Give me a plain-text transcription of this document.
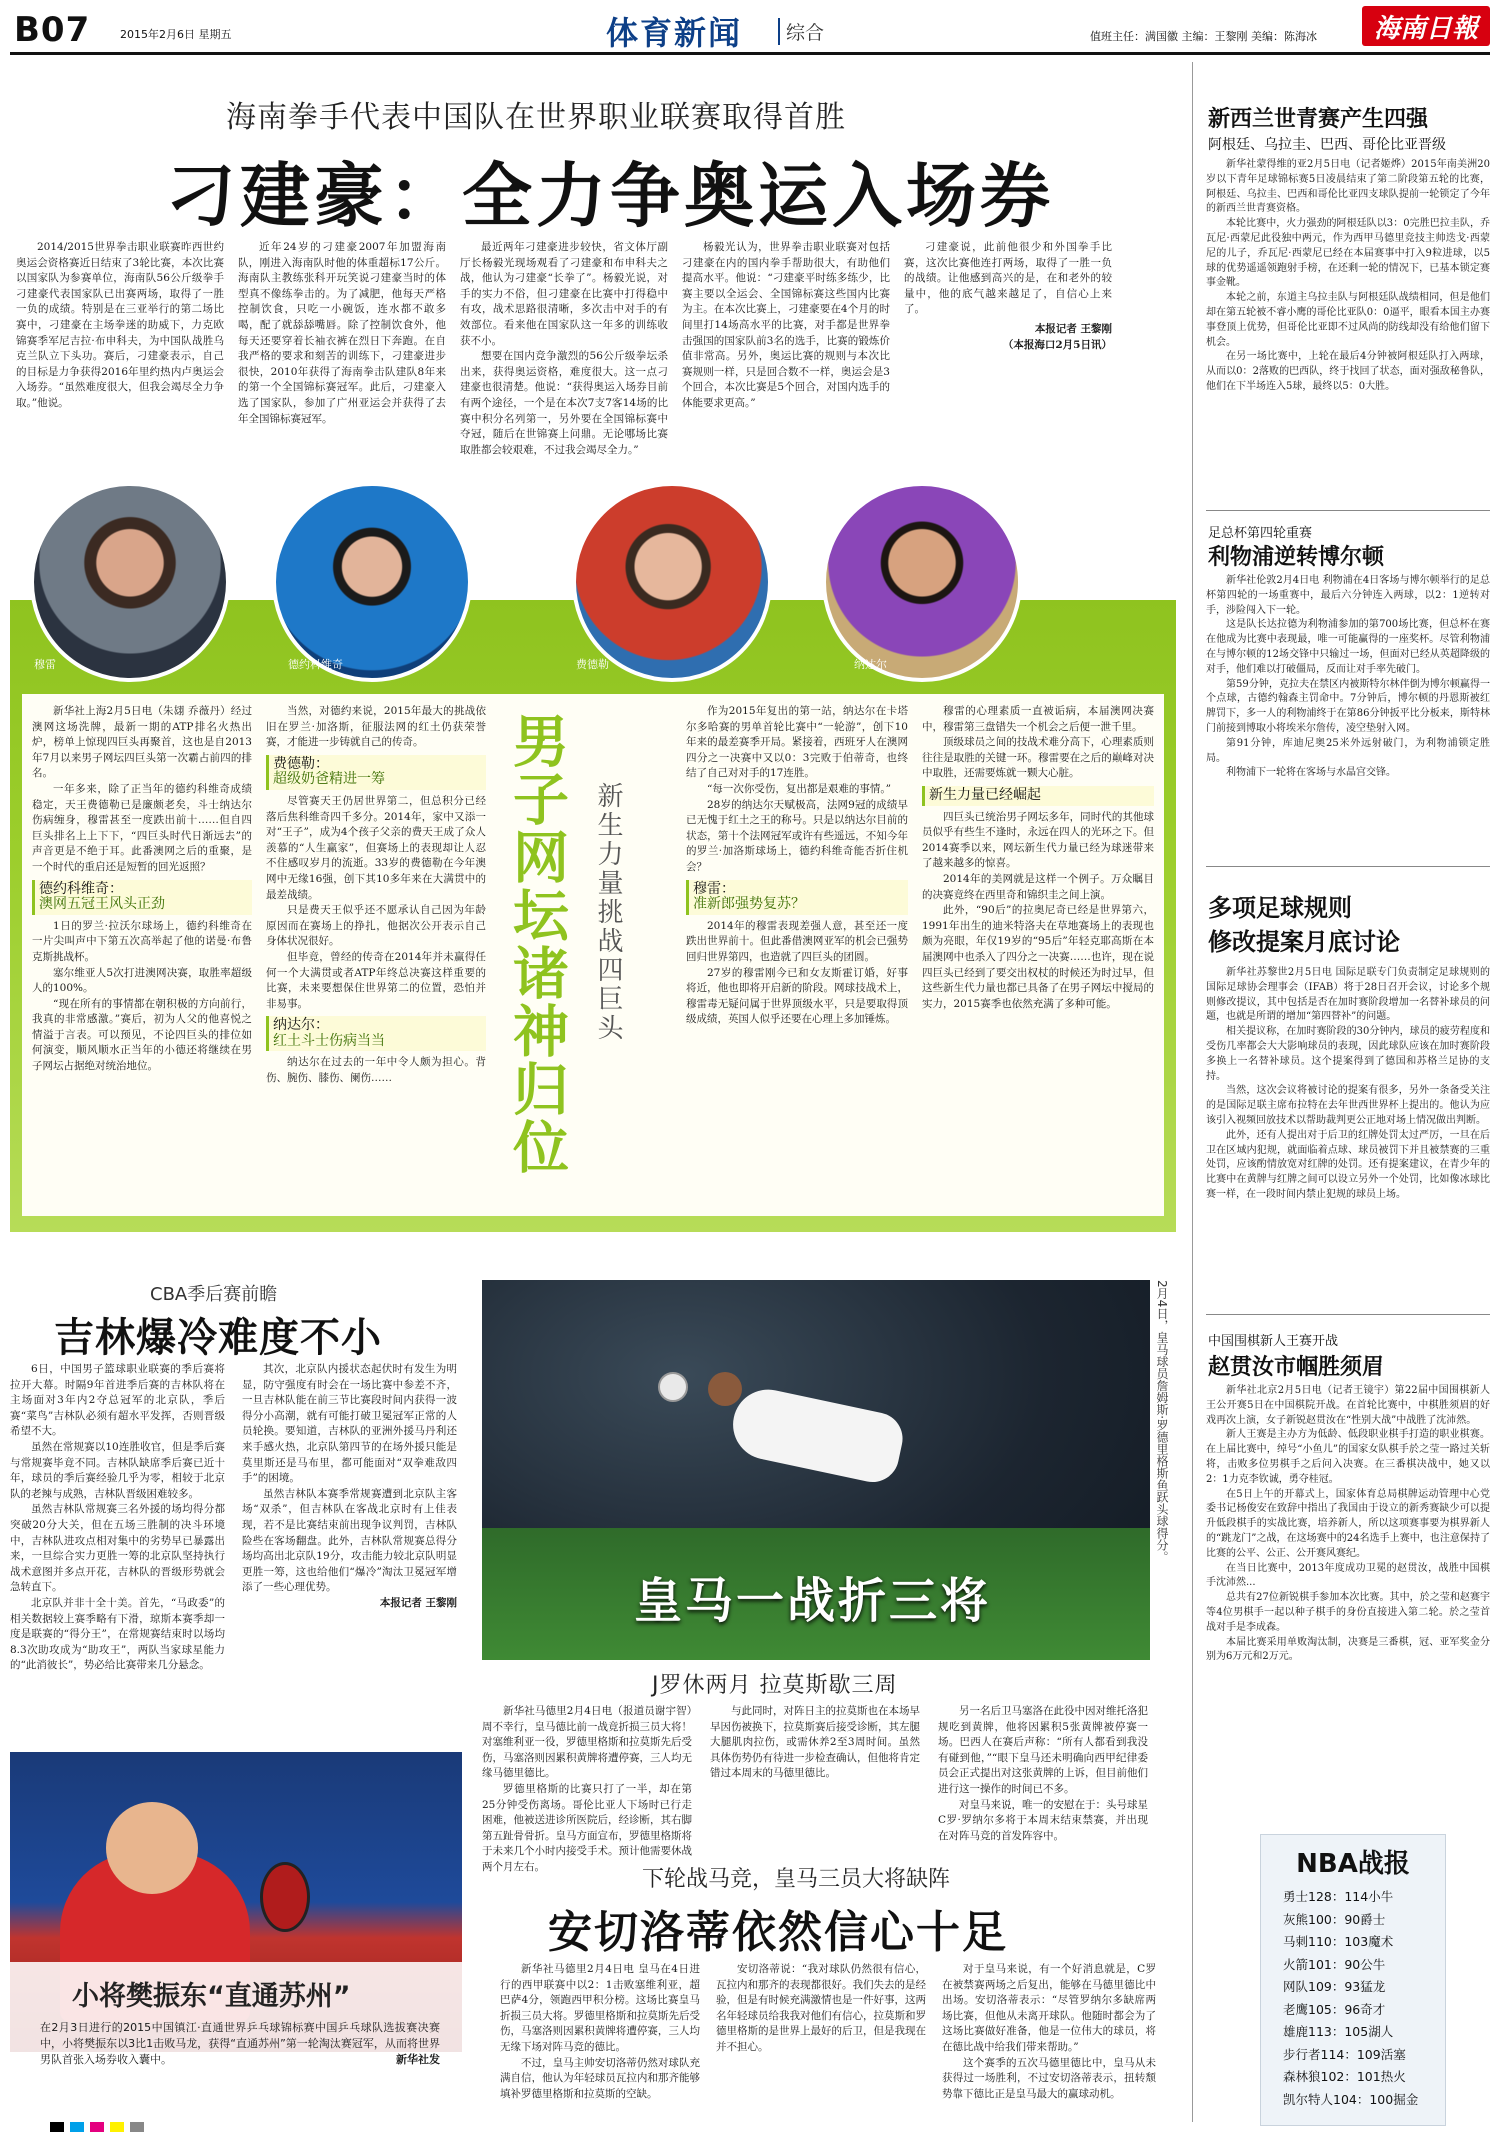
B07	2015年2月6日 星期五	体育新闻	综合	值班主任：满国徽 主编：王黎刚 美编：陈海冰 海南日報
海南拳手代表中国队在世界职业联赛取得首胜
刁建豪：全力争奥运入场券

2014/2015世界拳击职业联赛昨西世约奥运会资格赛近日结束了3轮比赛，本次比赛以国家队为参赛单位，海南队56公斤级拳手刁建豪代表国家队已出赛两场，取得了一胜一负的成绩。特别是在三亚举行的第二场比赛中，刁建豪在主场拳迷的助威下，力克欧锦赛季军尼吉拉·布申科夫，为中国队战胜乌克兰队立下头功。赛后，刁建豪表示，自己的目标是力争获得2016年里约热内卢奥运会入场券。“虽然难度很大，但我会竭尽全力争取。”他说。

近年24岁的刁建豪2007年加盟海南队，刚进入海南队时他的体重超标17公斤。海南队主教练张科开玩笑说刁建豪当时的体型真不像练拳击的。为了减肥，他每天严格控制饮食，只吃一小碗饭，连水都不敢多喝，配了就舔舔嘴唇。除了控制饮食外，他每天还要穿着长袖衣裤在烈日下奔跑。在自我严格的要求和刻苦的训练下，刁建豪进步很快，2010年获得了海南拳击队建队8年来的第一个全国锦标赛冠军。此后，刁建豪入选了国家队，参加了广州亚运会并获得了去年全国锦标赛冠军。

最近两年刁建豪进步较快，省文体厅副厅长杨毅光现场观看了刁建豪和布申科夫之战，他认为刁建豪“长拳了”。杨毅光说，对手的实力不俗，但刁建豪在比赛中打得稳中有攻，战术思路很清晰，多次击中对手的有效部位。看来他在国家队这一年多的训练收获不小。

想要在国内竞争激烈的56公斤级拳坛杀出来，获得奥运资格，难度很大。这一点刁建豪也很清楚。他说：“获得奥运入场券目前有两个途径，一个是在本次7支7客14场的比赛中积分名列第一，另外要在全国锦标赛中夺冠，随后在世锦赛上问鼎。无论哪场比赛取胜都会较艰难，不过我会竭尽全力。”

杨毅光认为，世界拳击职业联赛对包括刁建豪在内的国内拳手帮助很大，有助他们提高水平。他说：“刁建豪平时练多练少，比赛主要以全运会、全国锦标赛这些国内比赛为主。在本次比赛上，刁建豪要在4个月的时间里打14场高水平的比赛，对手都是世界拳击强国的国家队前3名的选手，比赛的锻炼价值非常高。另外，奥运比赛的规则与本次比赛规则一样，只是回合数不一样，奥运会是3个回合，本次比赛是5个回合，对国内选手的体能要求更高。”

刁建豪说，此前他很少和外国拳手比赛，这次比赛他连打两场，取得了一胜一负的战绩。让他感到高兴的是，在和老外的较量中，他的底气越来越足了，自信心上来了。

本报记者 王黎刚
（本报海口2月5日讯）
穆雷	德约科维奇	费德勒	纳达尔

新华社上海2月5日电（朱翃 乔薇丹）经过澳网这场洗牌，最新一期的ATP排名火热出炉，榜单上惊现四巨头再聚首，这也是自2013年7月以来男子网坛四巨头第一次霸占前四的排名。

一年多来，除了正当年的德约科维奇成绩稳定，天王费德勒已是廉颇老矣，斗士纳达尔伤病缠身，穆雷甚至一度跌出前十……但自四巨头排名上上下下，“四巨头时代日渐远去”的声音更是不绝于耳。此番澳网之后的重聚，是一个时代的重启还是短暂的回光返照？

德约科维奇：
澳网五冠王风头正劲

1日的罗兰·拉沃尔球场上，德约科维奇在一片尖叫声中下第五次高举起了他的诺曼·布鲁克斯挑战杯。

塞尔维亚人5次打进澳网决赛，取胜率超级人的100%。

“现在所有的事情都在朝积极的方向前行，我真的非常感激。”赛后，初为人父的他喜悦之情溢于言表。可以预见，不论四巨头的排位如何演变，顺风顺水正当年的小德还将继续在男子网坛占据绝对统治地位。

当然，对德约来说，2015年最大的挑战依旧在罗兰·加洛斯，征服法网的红土仍获荣誉赛，才能进一步铸就自己的传奇。

费德勒：
超级奶爸精进一筹

尽管赛天王仍居世界第二，但总积分已经落后焦科维奇四千多分。2014年，家中又添一对“王子”，成为4个孩子父亲的费天王成了众人羡慕的“人生赢家”，但赛场上的表现却让人忍不住感叹岁月的流逝。33岁的费德勒在今年澳网中无缘16强，创下其10多年来在大满贯中的最差战绩。

只是费天王似乎还不愿承认自己因为年龄原因而在赛场上的挣扎，他据次公开表示自己身体状况很好。

但毕竟，曾经的传奇在2014年并未赢得任何一个大满贯或者ATP年终总决赛这样重要的比赛，未来要想保住世界第二的位置，恐怕并非易事。

纳达尔：
红土斗士伤病当当

纳达尔在过去的一年中令人颇为担心。背伤、腕伤、膝伤、阑伤……	男子网坛诸神归位 新生力量挑战四巨头

作为2015年复出的第一站，纳达尔在卡塔尔多哈赛的男单首轮比赛中“一轮游”，创下10年来的最差赛季开局。紧接着，西班牙人在澳网四分之一决赛中又以0：3完败于伯蒂奇，也终结了自己对对手的17连胜。

“每一次你受伤，复出都是艰难的事情。”

28岁的纳达尔天赋极高，法网9冠的成绩早已无愧于红土之王的称号。只是以纳达尔目前的状态，第十个法网冠军或许有些遥远，不知今年的罗兰·加洛斯球场上，德约科维奇能否折住机会？

穆雷：
准新郎强势复苏？

2014年的穆雷表现差强人意，甚至还一度跌出世界前十。但此番借澳网亚军的机会已强势回归世界第四，也造就了四巨头的团圆。

27岁的穆雷刚今已和女友斯霍订婚，好事将近，他也即将开启新的阶段。网球技战术上，穆雷毒无疑问属于世界顶级水平，只是要取得顶级成绩，英国人似乎还要在心理上多加锤炼。

穆雷的心理素质一直被诟病，本届澳网决赛中，穆雷第三盘错失一个机会之后便一泄千里。

顶级球员之间的技战术难分高下，心理素质则往往是取胜的关键一环。穆雷要在之后的巅峰对决中取胜，还需要炼就一颗大心脏。

新生力量已经崛起

四巨头已统治男子网坛多年，同时代的其他球员似乎有些生不逢时，永远在四人的光环之下。但2014赛季以来，网坛新生代力量已经为球迷带来了越来越多的惊喜。

2014年的美网就是这样一个例子。万众瞩目的决赛竟终在西里奇和锦织圭之间上演。

此外，“90后”的拉奥尼奇已经是世界第六，1991年出生的迪米特洛夫在草地赛场上的表现也颇为亮眼，年仅19岁的“95后”年轻克耶高斯在本届澳网中也杀入了四分之一决赛……也许，现在说四巨头已经到了要交出权杖的时候还为时过早，但这些新生代力量也都已具备了在男子网坛中搅局的实力，2015赛季也依然充满了多种可能。

CBA季后赛前瞻
吉林爆冷难度不小

6日，中国男子篮球职业联赛的季后赛将拉开大幕。时隔9年首进季后赛的吉林队将在主场面对3年内2夺总冠军的北京队，季后赛“菜鸟”吉林队必须有超水平发挥，否则晋级希望不大。

虽然在常规赛以10连胜收官，但是季后赛与常规赛毕竟不同。吉林队缺席季后赛已近十年，球员的季后赛经验几乎为零，相较于北京队的老辣与成熟，吉林队晋级困难较多。

虽然吉林队常规赛三名外援的场均得分都突破20分大关，但在五场三胜制的决斗环境中，吉林队进攻点相对集中的劣势早已暴露出来，一旦综合实力更胜一筹的北京队坚持执行战术意图并多点开花，吉林队的晋级形势就会急转直下。

北京队并非十全十美。首先，“马政委”的相关数据较上赛季略有下滑，琼斯本赛季却一度是联赛的“得分王”，在常规赛结束时以场均8.3次助攻成为“助攻王”，两队当家球星能力的“此消彼长”，势必给比赛带来几分悬念。

其次，北京队内援状态起伏时有发生为明显，防守强度有时会在一场比赛中参差不齐，一旦吉林队能在前三节比赛段时间内获得一波得分小高潮，就有可能打破卫冕冠军正常的人员轮换。要知道，吉林队的亚洲外援马丹利还来手感火热，北京队第四节的在场外援只能是莫里斯还是马布里，都可能面对“双拳难敌四手”的困境。

虽然吉林队本赛季常规赛遭到北京队主客场“双杀”，但吉林队在客战北京时有上佳表现，若不是比赛结束前出现争议判罚，吉林队险些在客场翻盘。此外，吉林队常规赛总得分场均高出北京队19分，攻击能力较北京队明显更胜一筹，这也给他们“爆冷”淘汰卫冕冠军增添了一些心理优势。

本报记者 王黎刚	皇马一战折三将
2月4日，皇马球员詹姆斯·罗德里格斯鱼跃头球得分。
J罗休两月 拉莫斯歇三周

新华社马德里2月4日电（报道员谢宇智）周不幸行，皇马德比前一战竟折损三员大将！对塞维利亚一役，罗德里格斯和拉莫斯先后受伤，马塞洛则因累积黄牌将遭停赛，三人均无缘马德里德比。

罗德里格斯的比赛只打了一半，却在第25分钟受伤离场。哥伦比亚人下场时已行走困难，他被送进诊所医院后，经诊断，其右脚第五趾骨骨折。皇马方面宣布，罗德里格斯将于未来几个小时内接受手术。预计他需要休战两个月左右。

与此同时，对阵日主的拉莫斯也在本场早早因伤被换下，拉莫斯赛后接受诊断，其左腿大腿肌肉拉伤，或需休养2至3周时间。虽然具体伤势仍有待进一步检查确认，但他将肯定错过本周末的马德里德比。

另一名后卫马塞洛在此役中因对维托洛犯规吃到黄牌，他将因累积5张黄牌被停赛一场。巴西人在赛后声称：“所有人都看到我没有碰到他，”“眼下皇马还未明确向西甲纪律委员会正式提出对这张黄牌的上诉，但目前他们进行这一操作的时间已不多。

对皇马来说，唯一的安慰在于：头号球星C罗·罗纳尔多将于本周末结束禁赛，并出现在对阵马竞的首发阵容中。

小将樊振东“直通苏州”
在2月3日进行的2015中国镇江·直通世界乒乓球锦标赛中国乒乓球队选拔赛决赛中，小将樊振东以3比1击败马龙，获得“直通苏州”第一轮淘汰赛冠军，从而将世界男队首张入场券收入囊中。	新华社发
下轮战马竞，皇马三员大将缺阵
安切洛蒂依然信心十足

新华社马德里2月4日电 皇马在4日进行的西甲联赛中以2：1击败塞维利亚，超巴萨4分，领跑西甲积分榜。这场比赛皇马折损三员大将。罗德里格斯和拉莫斯先后受伤，马塞洛则因累积黄牌将遭停赛，三人均无缘下场对阵马竞的德比。

不过，皇马主帅安切洛蒂仍然对球队充满自信，他认为年轻球员瓦拉内和那齐能够填补罗德里格斯和拉莫斯的空缺。

安切洛蒂说：“我对球队仍然很有信心，瓦拉内和那齐的表现都很好。我们失去的是经验，但是有时候充满激情也是一件好事，这两名年轻球员给我我对他们有信心，拉莫斯和罗德里格斯的是世界上最好的后卫，但是我现在并不担心。

对于皇马来说，有一个好消息就是，C罗在被禁赛两场之后复出，能够在马德里德比中出场。安切洛蒂表示：“尽管罗纳尔多缺席两场比赛，但他从未离开球队。他随时都会为了这场比赛做好准备，他是一位伟大的球员，将在德比战中给我们带来帮助。”

这个赛季的五次马德里德比中，皇马从未获得过一场胜利，不过安切洛蒂表示，扭转颓势靠下德比正是皇马最大的赢球动机。

新西兰世青赛产生四强
阿根廷、乌拉圭、巴西、哥伦比亚晋级

新华社蒙得维的亚2月5日电（记者姬烨）2015年南美洲20岁以下青年足球锦标赛5日凌晨结束了第二阶段第五轮的比赛，阿根廷、乌拉圭、巴西和哥伦比亚四支球队提前一轮锁定了今年的新西兰世青赛资格。

本轮比赛中，火力强劲的阿根廷队以3：0完胜巴拉圭队，乔瓦尼·西蒙尼此役独中两元，作为西甲马德里竞技主帅迭戈·西蒙尼的儿子，乔瓦尼·西蒙尼已经在本届赛事中打入9粒进球，以5球的优势遥遥领跑射手榜，在还剩一轮的情况下，已基本锁定赛事金靴。

本轮之前，东道主乌拉圭队与阿根廷队战绩相同，但是他们却在第五轮被不睿小鹰的哥伦比亚队0：0逼平，眼看本国主办赛事登顶上优势，但哥伦比亚即不过风尚的防线却没有给他们留下机会。

在另一场比赛中，上轮在最后4分钟被阿根廷队打入两球，从而以0：2落败的巴西队，终于找回了状态，面对强敌秘鲁队，他们在下半场连入5球，最终以5：0大胜。

足总杯第四轮重赛
利物浦逆转博尔顿

新华社伦敦2月4日电 利物浦在4日客场与博尔顿举行的足总杯第四轮的一场重赛中，最后六分钟连入两球，以2：1逆转对手，涉险闯入下一轮。

这是队长达拉德为利物浦参加的第700场比赛，但总杯在赛在他成为比赛中表现最，唯一可能赢得的一座奖杯。尽管利物浦在与博尔顿的12场交锋中只输过一场，但面对已经从英超降级的对手，他们难以打破僵局，反而让对手率先破门。

第59分钟，克拉夫在禁区内被斯特尔林伴倒为博尔顿赢得一个点球，古德约翰森主罚命中。7分钟后，博尔顿的丹恩斯被红牌罚下，多一人的利物浦终于在第86分钟扳平比分板来，斯特林门前接到博取小将埃米尔詹传，凌空垫射入网。

第91分钟，库迪尼奥25米外远射破门，为利物浦锁定胜局。

利物浦下一轮将在客场与水晶宫交锋。

多项足球规则
修改提案月底讨论

新华社苏黎世2月5日电 国际足联专门负责制定足球规则的国际足球协会理事会（IFAB）将于28日召开会议，讨论多个规则修改提议，其中包括是否在加时赛阶段增加一名替补球员的问题，也就是所谓的增加“第四替补”的问题。

相关提议称，在加时赛阶段的30分钟内，球员的疲劳程度和受伤几率都会大大影响球员的表现，因此球队应该在加时赛阶段多换上一名替补球员。这个提案得到了德国和苏格兰足协的支持。

当然，这次会议将被讨论的提案有很多，另外一条备受关注的是国际足联主席布拉特在去年世西世界杯上提出的。他认为应该引入视频回放技术以帮助裁判更公正地对场上情况做出判断。

此外，还有人提出对于后卫的红牌处罚太过严厉，一旦在后卫在区域内犯规，就面临着点球、球员被罚下并且被禁赛的三重处罚，应该酌情放宽对红牌的处罚。还有提案建议，在青少年的比赛中在黄牌与红牌之间可以设立另外一个处罚，比如像冰球比赛一样，在一段时间内禁止犯规的球员上场。

中国围棋新人王赛开战
赵贯汝市帼胜须眉

新华社北京2月5日电（记者王镜宇）第22届中国围棋新人王公开赛5日在中国棋院开战。在首轮比赛中，中棋胜须眉的好戏再次上演，女子新锐赵贯汝在“性别大战”中战胜了沈沛然。

新人王赛是主办方为低龄、低段职业棋手打造的职业棋赛。在上届比赛中，绰号“小鱼儿”的国家女队棋手於之莹一路过关斩将，击败多位男棋手之后问入决赛。在三番棋决战中，她又以2：1力克李钦诚，勇夺桂冠。

在5日上午的开幕式上，国家体育总局棋牌运动管理中心党委书记杨俊安在致辞中指出了我国由于设立的新秀赛缺少可以提升低段棋手的实战比赛，培养新人，所以这项赛事要为棋界新人的“跳龙门”之战，在这场赛中的24名选手上赛中，也注意保持了比赛的公平、公正、公开赛风赛纪。

在当日比赛中，2013年度成功卫冕的赵贯汝，战胜中国棋手沈沛然...

总共有27位新锐棋手参加本次比赛。其中，於之莹和赵赛宇等4位男棋手一起以种子棋手的身份直接进入第二轮。於之莹首战对手是李成森。

本届比赛采用单败淘汰制，决赛是三番棋，冠、亚军奖金分别为6万元和2万元。

NBA战报
勇士128：114小牛
灰熊100：90爵士
马刺110：103魔术
火箭101：90公牛
网队109：93猛龙
老鹰105：96奇才
雄鹿113：105湖人
步行者114：109活塞
森林狼102：101热火
凯尔特人104：100掘金
